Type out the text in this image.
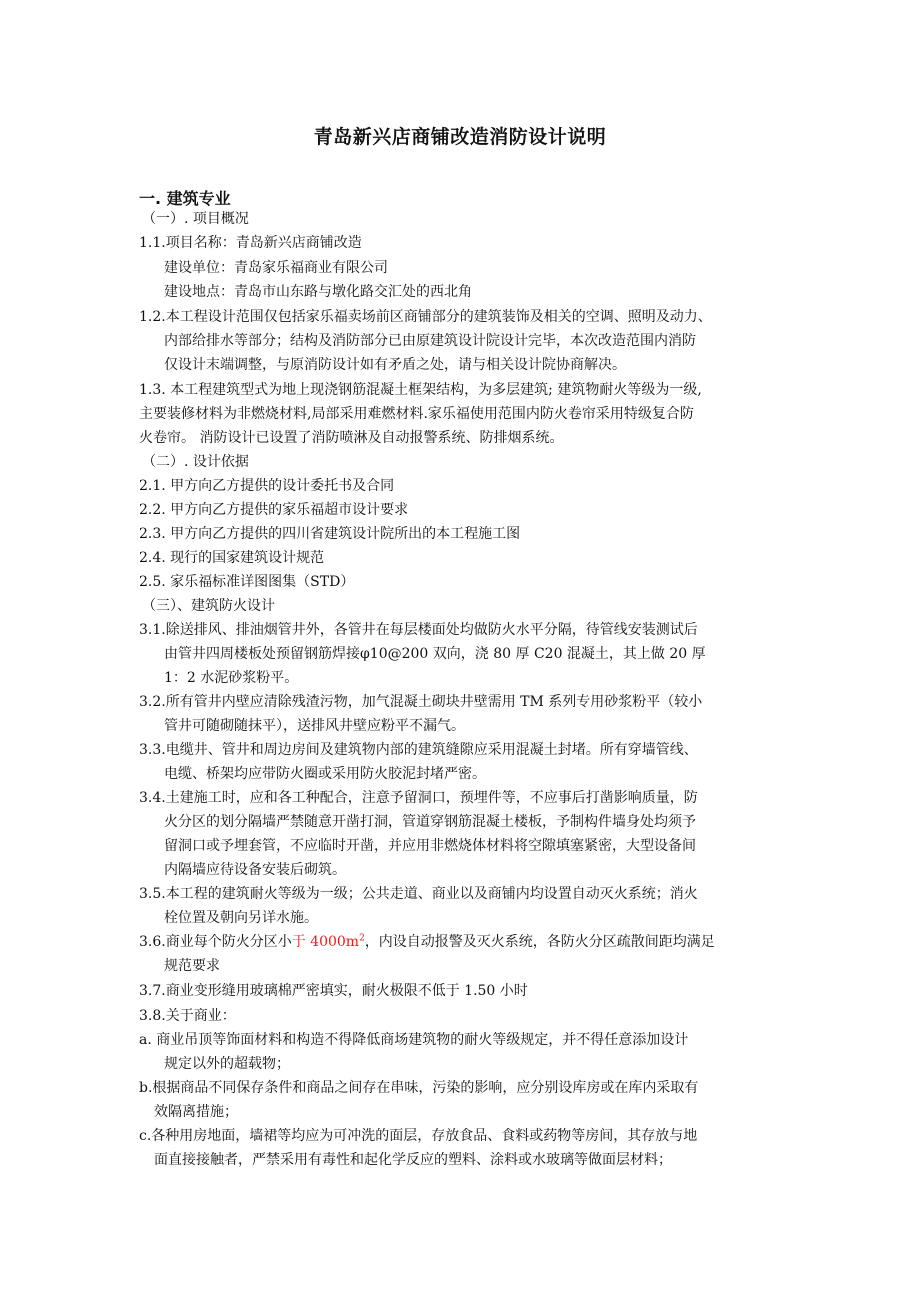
青岛新兴店商铺改造消防设计说明
一. 建筑专业
（一）. 项目概况
1.1.项目名称：青岛新兴店商铺改造
建设单位：青岛家乐福商业有限公司
建设地点：青岛市山东路与墩化路交汇处的西北角
1.2.本工程设计范围仅包括家乐福卖场前区商铺部分的建筑装饰及相关的空调、照明及动力、
内部给排水等部分；结构及消防部分已由原建筑设计院设计完毕，本次改造范围内消防
仅设计末端调整，与原消防设计如有矛盾之处，请与相关设计院协商解决。
1.3. 本工程建筑型式为地上现浇钢筋混凝土框架结构，为多层建筑; 建筑物耐火等级为一级,
主要装修材料为非燃烧材料,局部采用难燃材料.家乐福使用范围内防火卷帘采用特级复合防
火卷帘。 消防设计已设置了消防喷淋及自动报警系统、防排烟系统。
（二）. 设计依据
2.1. 甲方向乙方提供的设计委托书及合同
2.2. 甲方向乙方提供的家乐福超市设计要求
2.3. 甲方向乙方提供的四川省建筑设计院所出的本工程施工图
2.4. 现行的国家建筑设计规范
2.5. 家乐福标准详图图集（STD）
（三）、建筑防火设计
3.1.除送排风、排油烟管井外，各管井在每层楼面处均做防火水平分隔，待管线安装测试后
由管井四周楼板处预留钢筋焊接φ10@200 双向，浇 80 厚 C20 混凝土，其上做 20 厚
1：2 水泥砂浆粉平。
3.2.所有管井内壁应清除残渣污物，加气混凝土砌块井壁需用 TM 系列专用砂浆粉平（较小
管井可随砌随抹平），送排风井壁应粉平不漏气。
3.3.电缆井、管井和周边房间及建筑物内部的建筑缝隙应采用混凝土封堵。所有穿墙管线、
电缆、桥架均应带防火圈或采用防火胶泥封堵严密。
3.4.土建施工时，应和各工种配合，注意予留洞口，预埋件等，不应事后打凿影响质量，防
火分区的划分隔墙严禁随意开凿打洞，管道穿钢筋混凝土楼板，予制构件墙身处均须予
留洞口或予埋套管，不应临时开凿，并应用非燃烧体材料将空隙填塞紧密，大型设备间
内隔墙应待设备安装后砌筑。
3.5.本工程的建筑耐火等级为一级；公共走道、商业以及商铺内均设置自动灭火系统；消火
栓位置及朝向另详水施。
3.6.商业每个防火分区小于 $4000m^2$，内设自动报警及灭火系统，各防火分区疏散间距均满足
规范要求
3.7.商业变形缝用玻璃棉严密填实，耐火极限不低于 1.50 小时
3.8.关于商业：
a. 商业吊顶等饰面材料和构造不得降低商场建筑物的耐火等级规定，并不得任意添加设计
规定以外的超载物；
b.根据商品不同保存条件和商品之间存在串味，污染的影响，应分别设库房或在库内采取有
效隔离措施；
c.各种用房地面，墙裙等均应为可冲洗的面层，存放食品、食料或药物等房间，其存放与地
面直接接触者，严禁采用有毒性和起化学反应的塑料、涂料或水玻璃等做面层材料；
